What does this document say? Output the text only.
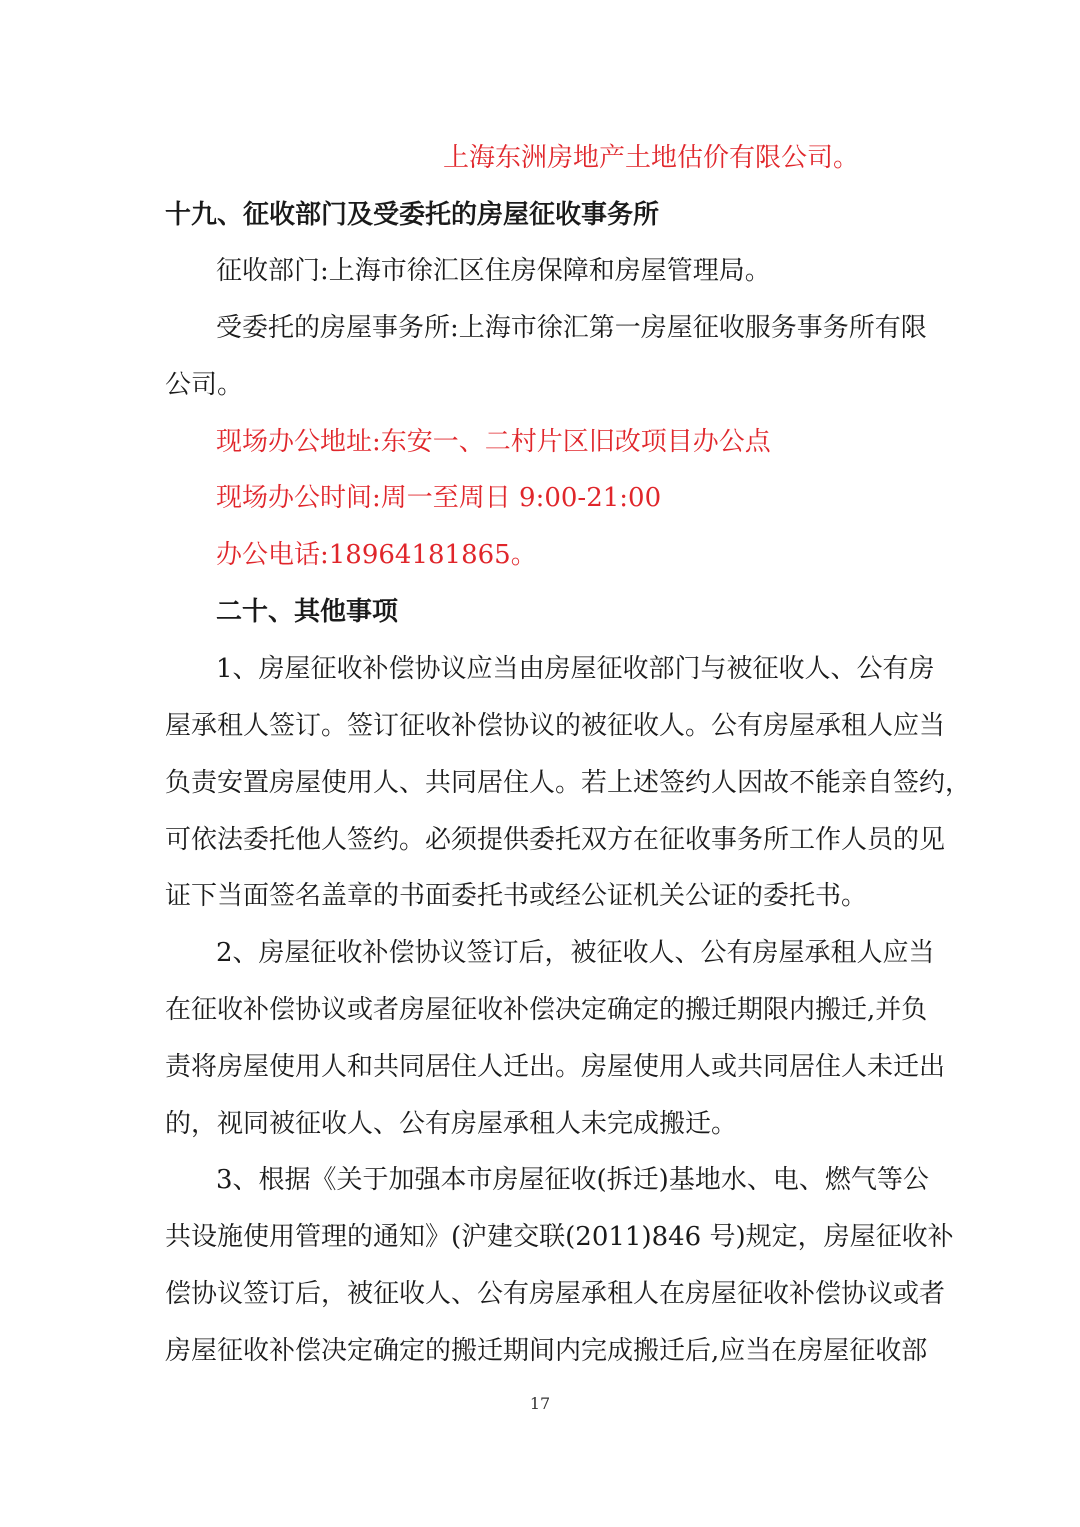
上海东洲房地产土地估价有限公司。
十九、征收部门及受委托的房屋征收事务所
征收部门:上海市徐汇区住房保障和房屋管理局。
受委托的房屋事务所:上海市徐汇第一房屋征收服务事务所有限
公司。
现场办公地址:东安一、二村片区旧改项目办公点
现场办公时间:周一至周日 9:00-21:00
办公电话:18964181865。
二十、其他事项
1、房屋征收补偿协议应当由房屋征收部门与被征收人、公有房
屋承租人签订。签订征收补偿协议的被征收人。公有房屋承租人应当
负责安置房屋使用人、共同居住人。若上述签约人因故不能亲自签约，
可依法委托他人签约。必须提供委托双方在征收事务所工作人员的见
证下当面签名盖章的书面委托书或经公证机关公证的委托书。
2、房屋征收补偿协议签订后，被征收人、公有房屋承租人应当
在征收补偿协议或者房屋征收补偿决定确定的搬迁期限内搬迁,并负
责将房屋使用人和共同居住人迁出。房屋使用人或共同居住人未迁出
的，视同被征收人、公有房屋承租人未完成搬迁。
3、根据《关于加强本市房屋征收(拆迁)基地水、电、燃气等公
共设施使用管理的通知》(沪建交联(2011)846 号)规定，房屋征收补
偿协议签订后，被征收人、公有房屋承租人在房屋征收补偿协议或者
房屋征收补偿决定确定的搬迁期间内完成搬迁后,应当在房屋征收部
17
